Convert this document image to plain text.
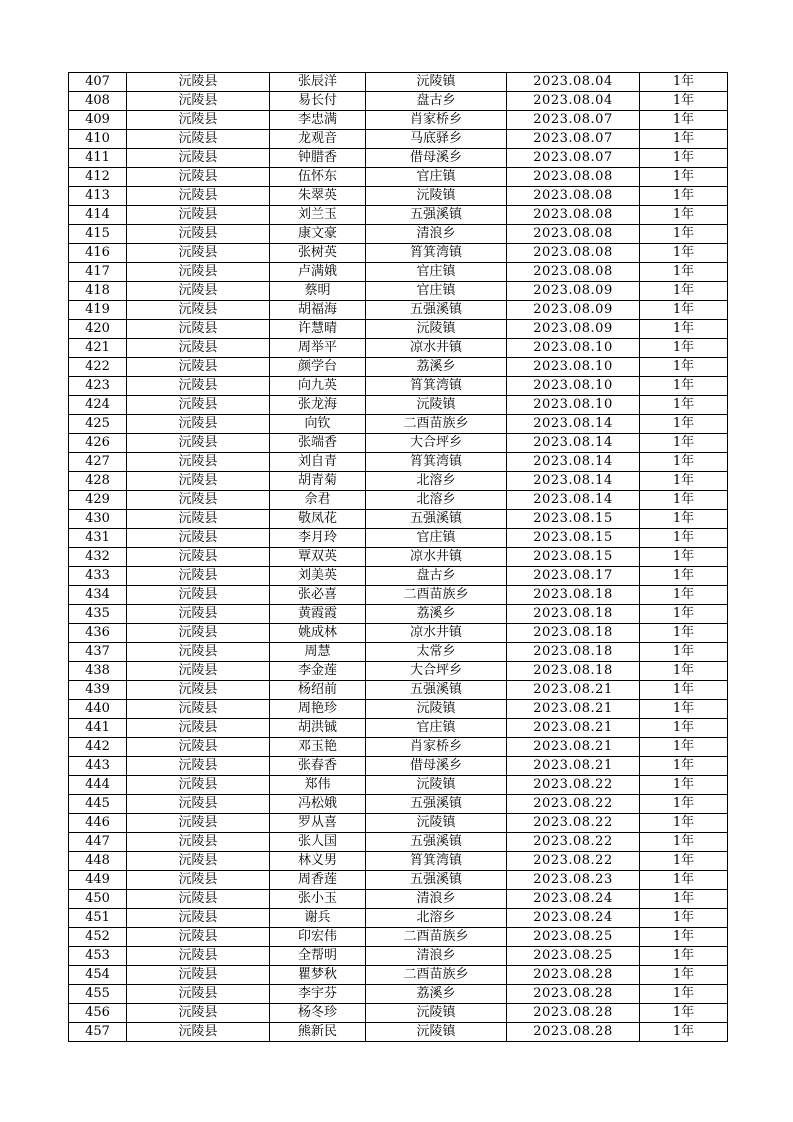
407	沅陵县	张辰洋	沅陵镇	2023.08.04	1年
408	沅陵县	易长付	盘古乡	2023.08.04	1年
409	沅陵县	李忠满	肖家桥乡	2023.08.07	1年
410	沅陵县	龙观音	马底驿乡	2023.08.07	1年
411	沅陵县	钟腊香	借母溪乡	2023.08.07	1年
412	沅陵县	伍怀东	官庄镇	2023.08.08	1年
413	沅陵县	朱翠英	沅陵镇	2023.08.08	1年
414	沅陵县	刘兰玉	五强溪镇	2023.08.08	1年
415	沅陵县	康文豪	清浪乡	2023.08.08	1年
416	沅陵县	张树英	筲箕湾镇	2023.08.08	1年
417	沅陵县	卢满娥	官庄镇	2023.08.08	1年
418	沅陵县	蔡明	官庄镇	2023.08.09	1年
419	沅陵县	胡福海	五强溪镇	2023.08.09	1年
420	沅陵县	许慧晴	沅陵镇	2023.08.09	1年
421	沅陵县	周举平	凉水井镇	2023.08.10	1年
422	沅陵县	颜学台	荔溪乡	2023.08.10	1年
423	沅陵县	向九英	筲箕湾镇	2023.08.10	1年
424	沅陵县	张龙海	沅陵镇	2023.08.10	1年
425	沅陵县	向钦	二酉苗族乡	2023.08.14	1年
426	沅陵县	张端香	大合坪乡	2023.08.14	1年
427	沅陵县	刘自青	筲箕湾镇	2023.08.14	1年
428	沅陵县	胡青菊	北溶乡	2023.08.14	1年
429	沅陵县	佘君	北溶乡	2023.08.14	1年
430	沅陵县	敬凤花	五强溪镇	2023.08.15	1年
431	沅陵县	李月玲	官庄镇	2023.08.15	1年
432	沅陵县	覃双英	凉水井镇	2023.08.15	1年
433	沅陵县	刘美英	盘古乡	2023.08.17	1年
434	沅陵县	张必喜	二酉苗族乡	2023.08.18	1年
435	沅陵县	黄霞霞	荔溪乡	2023.08.18	1年
436	沅陵县	姚成林	凉水井镇	2023.08.18	1年
437	沅陵县	周慧	太常乡	2023.08.18	1年
438	沅陵县	李金莲	大合坪乡	2023.08.18	1年
439	沅陵县	杨绍前	五强溪镇	2023.08.21	1年
440	沅陵县	周艳珍	沅陵镇	2023.08.21	1年
441	沅陵县	胡洪铖	官庄镇	2023.08.21	1年
442	沅陵县	邓玉艳	肖家桥乡	2023.08.21	1年
443	沅陵县	张春香	借母溪乡	2023.08.21	1年
444	沅陵县	郑伟	沅陵镇	2023.08.22	1年
445	沅陵县	冯松娥	五强溪镇	2023.08.22	1年
446	沅陵县	罗从喜	沅陵镇	2023.08.22	1年
447	沅陵县	张人国	五强溪镇	2023.08.22	1年
448	沅陵县	林义男	筲箕湾镇	2023.08.22	1年
449	沅陵县	周香莲	五强溪镇	2023.08.23	1年
450	沅陵县	张小玉	清浪乡	2023.08.24	1年
451	沅陵县	谢兵	北溶乡	2023.08.24	1年
452	沅陵县	印宏伟	二酉苗族乡	2023.08.25	1年
453	沅陵县	全帮明	清浪乡	2023.08.25	1年
454	沅陵县	瞿梦秋	二酉苗族乡	2023.08.28	1年
455	沅陵县	李宇芬	荔溪乡	2023.08.28	1年
456	沅陵县	杨冬珍	沅陵镇	2023.08.28	1年
457	沅陵县	熊新民	沅陵镇	2023.08.28	1年
